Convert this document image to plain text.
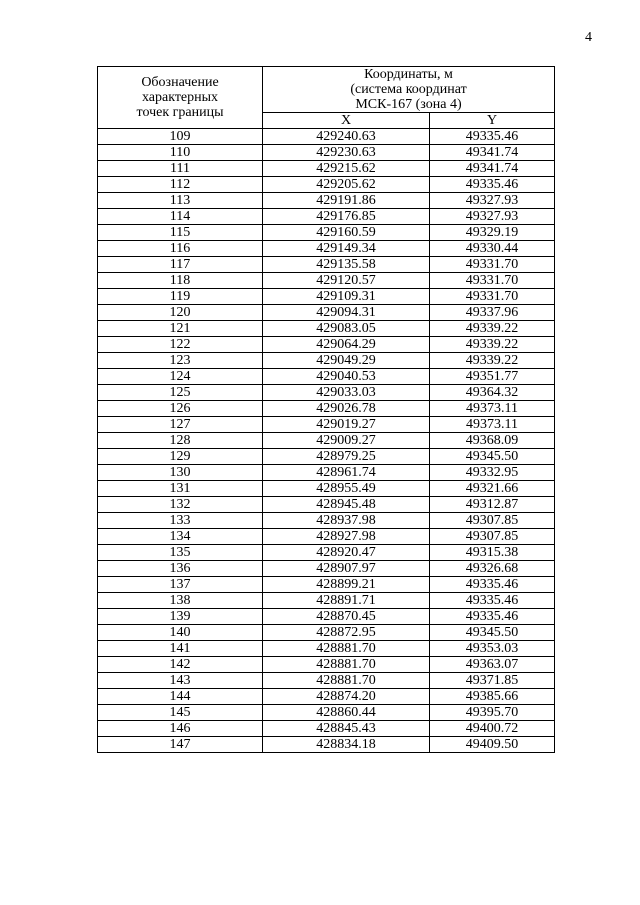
4
Обозначение
характерных
точек границы	Координаты, м
(система координат
МСК-167 (зона 4)	
	X	Y
109	429240.63	49335.46
110	429230.63	49341.74
111	429215.62	49341.74
112	429205.62	49335.46
113	429191.86	49327.93
114	429176.85	49327.93
115	429160.59	49329.19
116	429149.34	49330.44
117	429135.58	49331.70
118	429120.57	49331.70
119	429109.31	49331.70
120	429094.31	49337.96
121	429083.05	49339.22
122	429064.29	49339.22
123	429049.29	49339.22
124	429040.53	49351.77
125	429033.03	49364.32
126	429026.78	49373.11
127	429019.27	49373.11
128	429009.27	49368.09
129	428979.25	49345.50
130	428961.74	49332.95
131	428955.49	49321.66
132	428945.48	49312.87
133	428937.98	49307.85
134	428927.98	49307.85
135	428920.47	49315.38
136	428907.97	49326.68
137	428899.21	49335.46
138	428891.71	49335.46
139	428870.45	49335.46
140	428872.95	49345.50
141	428881.70	49353.03
142	428881.70	49363.07
143	428881.70	49371.85
144	428874.20	49385.66
145	428860.44	49395.70
146	428845.43	49400.72
147	428834.18	49409.50
